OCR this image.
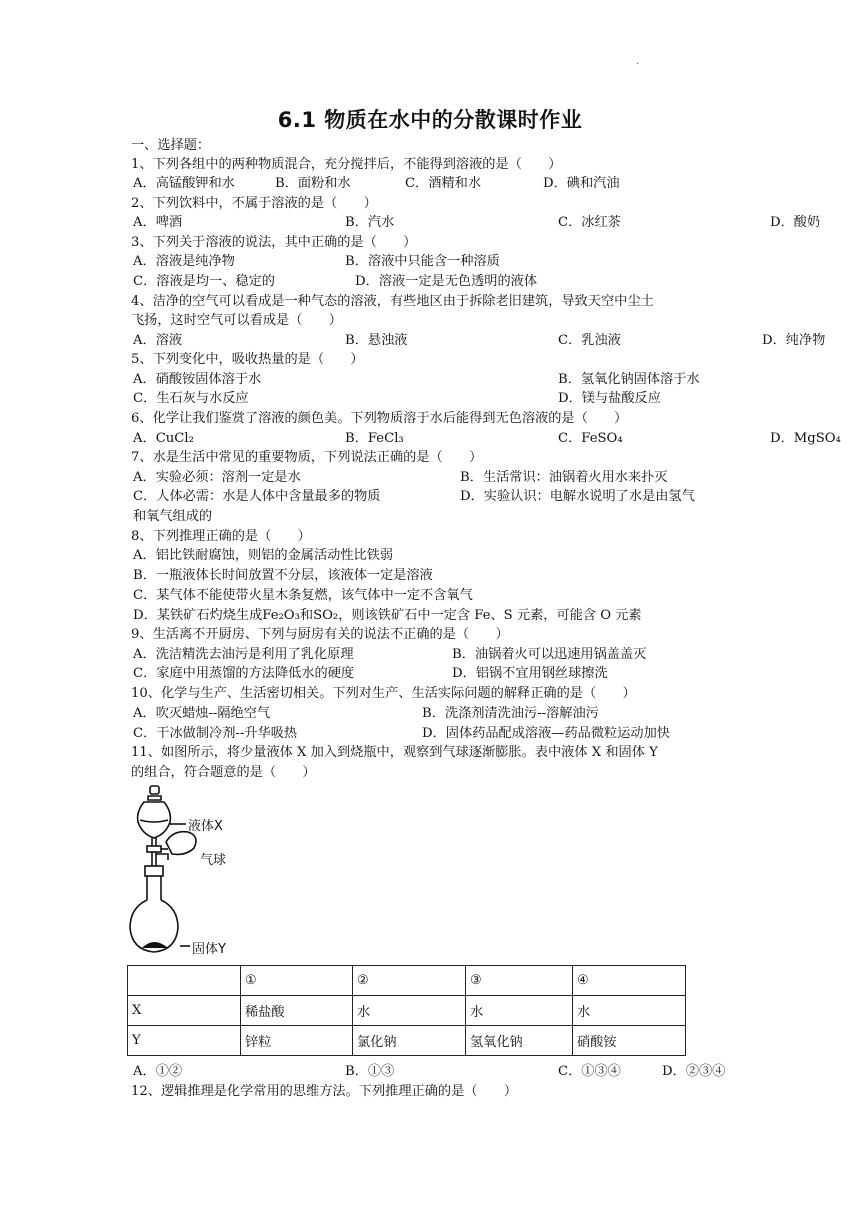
.
6.1 物质在水中的分散课时作业
一、选择题：
1、下列各组中的两种物质混合，充分搅拌后，不能得到溶液的是（　　）
A．高锰酸钾和水	B．面粉和水	C．酒精和水	D．碘和汽油
2、下列饮料中，不属于溶液的是（　　）
A．啤酒	B．汽水	C．冰红茶	D．酸奶
3、下列关于溶液的说法，其中正确的是（　　）
A．溶液是纯净物	B．溶液中只能含一种溶质
C．溶液是均一、稳定的	D．溶液一定是无色透明的液体
4、洁净的空气可以看成是一种气态的溶液，有些地区由于拆除老旧建筑，导致天空中尘土
飞扬，这时空气可以看成是（　　）
A．溶液	B．悬浊液	C．乳浊液	D．纯净物
5、下列变化中，吸收热量的是（　　）
A．硝酸铵固体溶于水	B．氢氧化钠固体溶于水
C．生石灰与水反应	D．镁与盐酸反应
6、化学让我们鉴赏了溶液的颜色美。下列物质溶于水后能得到无色溶液的是（　　）
A．CuCl₂	B．FeCl₃	C．FeSO₄	D．MgSO₄
7、水是生活中常见的重要物质，下列说法正确的是（　　）
A．实验必须：溶剂一定是水	B．生活常识：油锅着火用水来扑灭
C．人体必需：水是人体中含量最多的物质	D．实验认识：电解水说明了水是由氢气
和氧气组成的
8、下列推理正确的是（　　）
A．铝比铁耐腐蚀，则铝的金属活动性比铁弱
B．一瓶液体长时间放置不分层，该液体一定是溶液
C．某气体不能使带火星木条复燃，该气体中一定不含氧气
D．某铁矿石灼烧生成Fe₂O₃和SO₂，则该铁矿石中一定含 Fe、S 元素，可能含 O 元素
9、生活离不开厨房、下列与厨房有关的说法不正确的是（　　）
A．洗洁精洗去油污是利用了乳化原理	B．油锅着火可以迅速用锅盖盖灭
C．家庭中用蒸馏的方法降低水的硬度	D．铝锅不宜用钢丝球擦洗
10、化学与生产、生活密切相关。下列对生产、生活实际问题的解释正确的是（　　）
A．吹灭蜡烛--隔绝空气	B．洗涤剂清洗油污--溶解油污
C．干冰做制冷剂--升华吸热	D．固体药品配成溶液—药品微粒运动加快
11、如图所示，将少量液体 X 加入到烧瓶中，观察到气球逐渐膨胀。表中液体 X 和固体 Y
的组合，符合题意的是（　　）
液体X
气球
固体Y
	①	②	③	④
X	稀盐酸	水	水	水
Y	锌粒	氯化钠	氢氧化钠	硝酸铵
A．①②	B．①③	C．①③④	D．②③④
12、逻辑推理是化学常用的思维方法。下列推理正确的是（　　）
